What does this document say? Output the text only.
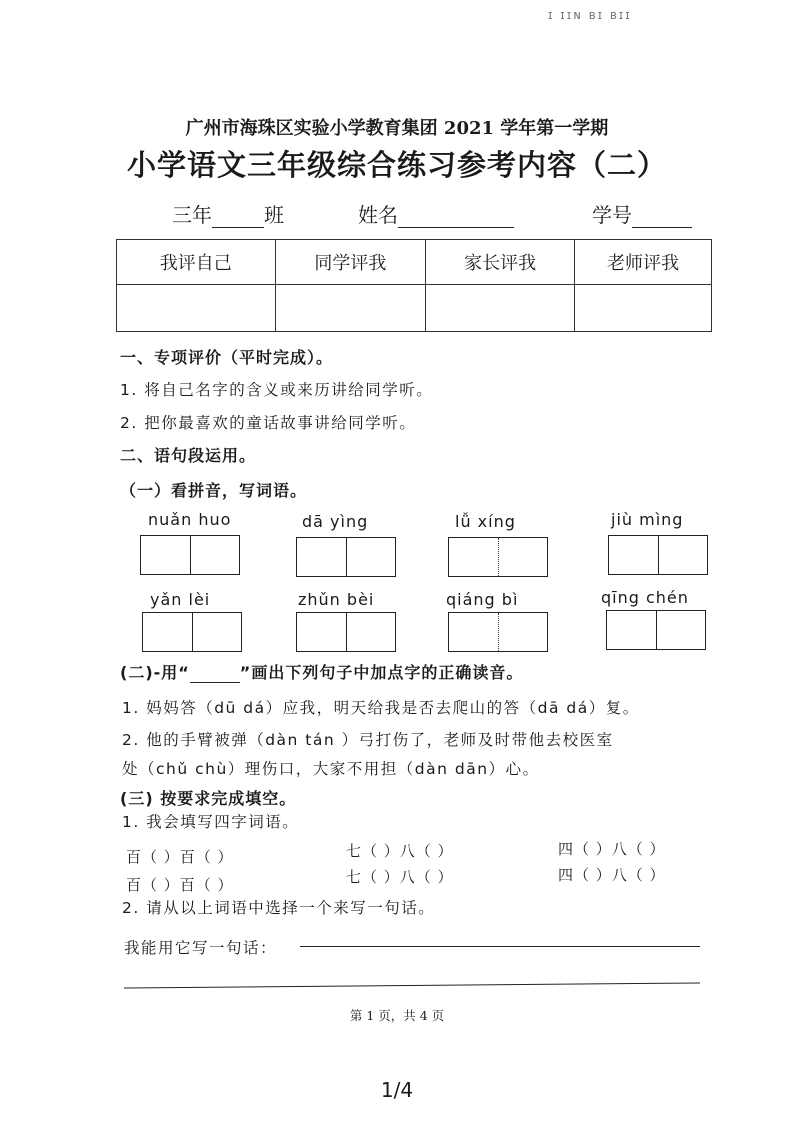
ɪ ɪɪɴ ʙɪ ʙɪɪ
广州市海珠区实验小学教育集团 2021 学年第一学期
小学语文三年级综合练习参考内容（二）
三年	班	姓名	学号
我评自己	同学评我	家长评我	老师评我

一、专项评价（平时完成）。
1. 将自己名字的含义或来历讲给同学听。
2. 把你最喜欢的童话故事讲给同学听。
二、语句段运用。
（一）看拼音，写词语。
nuǎn huo	dā yìng	lǚ xíng	jiù mìng
yǎn lèi	zhǔn bèi	qiáng bì	qīng chén
(二)-用“	”画出下列句子中加点字的正确读音。
1. 妈妈答（dū dá）应我，明天给我是否去爬山的答（dā dá）复。
2. 他的手臂被弹（dàn tán ）弓打伤了，老师及时带他去校医室
处（chǔ chù）理伤口，大家不用担（dàn dān）心。
(三) 按要求完成填空。
1. 我会填写四字词语。
百（ ）百（ ）	七（ ）八（ ）	四（ ）八（ ）
百（ ）百（ ）	七（ ）八（ ）	四（ ）八（ ）
2. 请从以上词语中选择一个来写一句话。
我能用它写一句话：
第 1 页，共 4 页
1/4
